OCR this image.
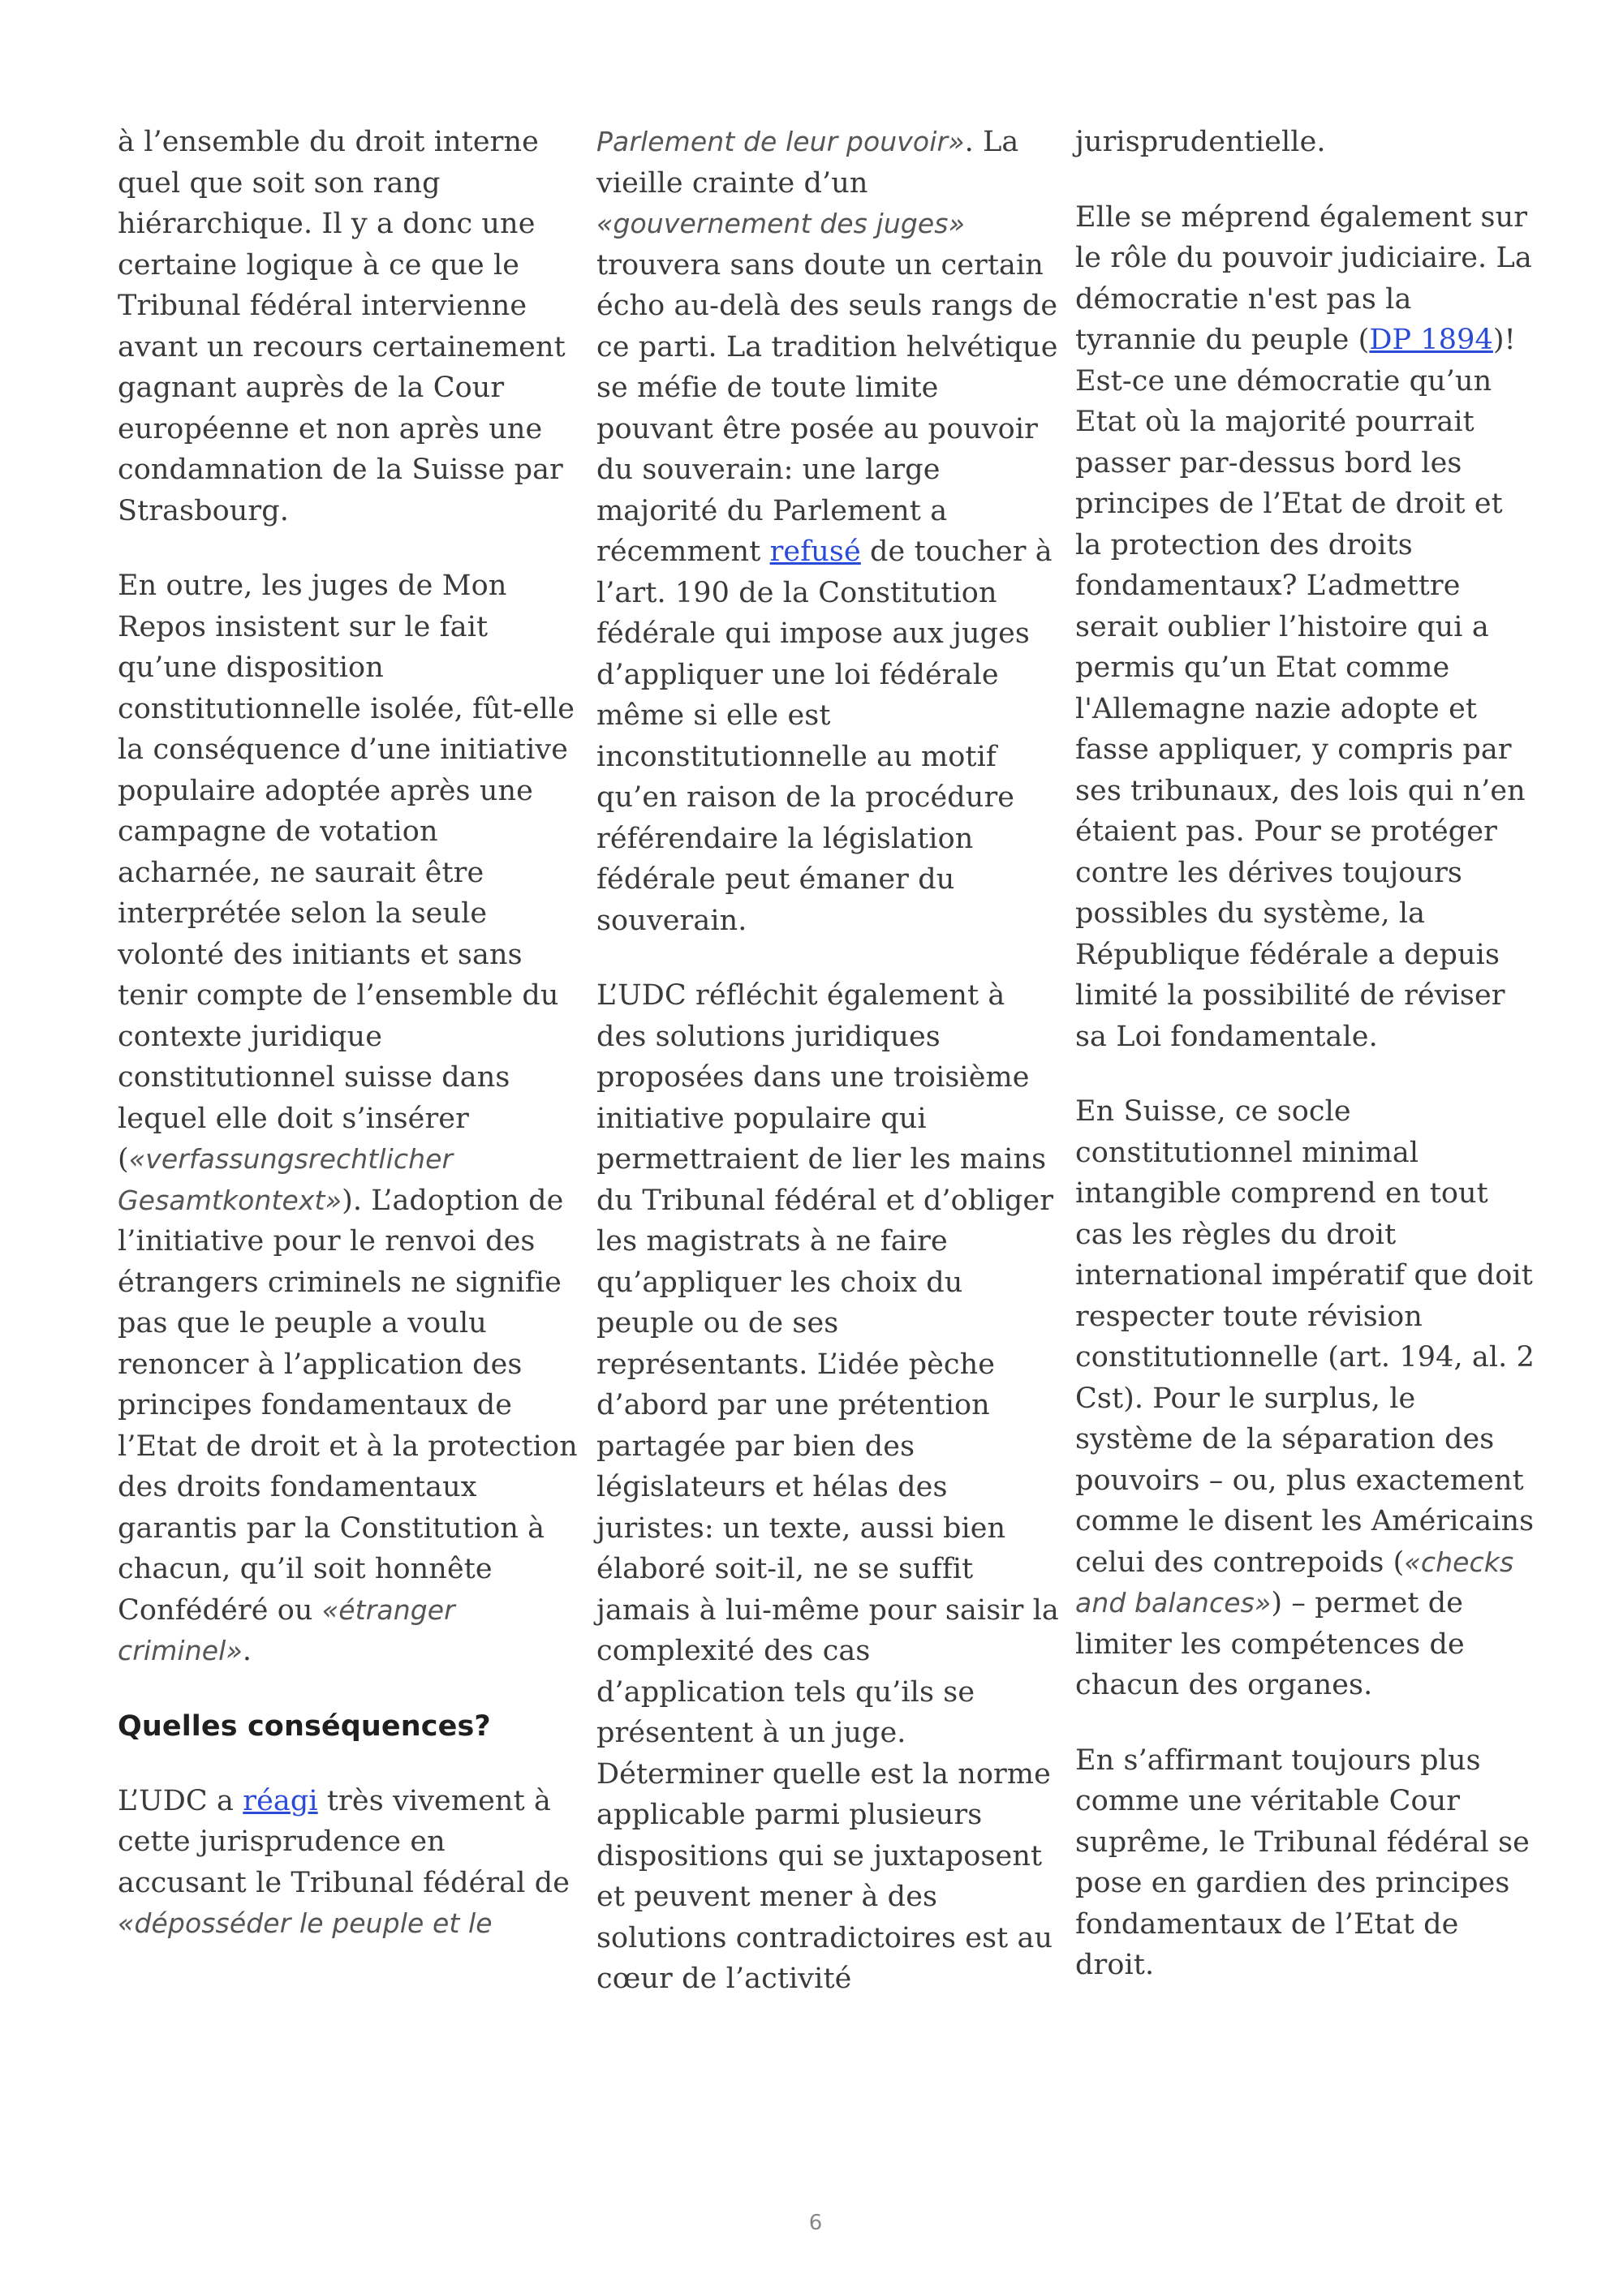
à l’ensemble du droit interne quel que soit son rang hiérarchique. Il y a donc une certaine logique à ce que le Tribunal fédéral intervienne avant un recours certainement gagnant auprès de la Cour européenne et non après une condamnation de la Suisse par Strasbourg.

En outre, les juges de Mon Repos insistent sur le fait qu’une disposition constitutionnelle isolée, fût-elle la conséquence d’une initiative populaire adoptée après une campagne de votation acharnée, ne saurait être interprétée selon la seule volonté des initiants et sans tenir compte de l’ensemble du contexte juridique constitutionnel suisse dans lequel elle doit s’insérer («verfassungsrechtlicher Gesamtkontext»). L’adoption de l’initiative pour le renvoi des étrangers criminels ne signifie pas que le peuple a voulu renoncer à l’application des principes fondamentaux de l’Etat de droit et à la protection des droits fondamentaux garantis par la Constitution à chacun, qu’il soit honnête Confédéré ou «étranger criminel».

Quelles conséquences?

L’UDC a réagi très vivement à cette jurisprudence en accusant le Tribunal fédéral de «déposséder le peuple et le

Parlement de leur pouvoir». La vieille crainte d’un «gouvernement des juges» trouvera sans doute un certain écho au-delà des seuls rangs de ce parti. La tradition helvétique se méfie de toute limite pouvant être posée au pouvoir du souverain: une large majorité du Parlement a récemment refusé de toucher à l’art. 190 de la Constitution fédérale qui impose aux juges d’appliquer une loi fédérale même si elle est inconstitutionnelle au motif qu’en raison de la procédure référendaire la législation fédérale peut émaner du souverain.

L’UDC réfléchit également à des solutions juridiques proposées dans une troisième initiative populaire qui permettraient de lier les mains du Tribunal fédéral et d’obliger les magistrats à ne faire qu’appliquer les choix du peuple ou de ses représentants. L’idée pèche d’abord par une prétention partagée par bien des législateurs et hélas des juristes: un texte, aussi bien élaboré soit-il, ne se suffit jamais à lui-même pour saisir la complexité des cas d’application tels qu’ils se présentent à un juge. Déterminer quelle est la norme applicable parmi plusieurs dispositions qui se juxtaposent et peuvent mener à des solutions contradictoires est au cœur de l’activité

jurisprudentielle.

Elle se méprend également sur le rôle du pouvoir judiciaire. La démocratie n'est pas la tyrannie du peuple (DP 1894)! Est-ce une démocratie qu’un Etat où la majorité pourrait passer par-dessus bord les principes de l’Etat de droit et la protection des droits fondamentaux? L’admettre serait oublier l’histoire qui a permis qu’un Etat comme l'Allemagne nazie adopte et fasse appliquer, y compris par ses tribunaux, des lois qui n’en étaient pas. Pour se protéger contre les dérives toujours possibles du système, la République fédérale a depuis limité la possibilité de réviser sa Loi fondamentale.

En Suisse, ce socle constitutionnel minimal intangible comprend en tout cas les règles du droit international impératif que doit respecter toute révision constitutionnelle (art. 194, al. 2 Cst). Pour le surplus, le système de la séparation des pouvoirs – ou, plus exactement comme le disent les Américains celui des contrepoids («checks and balances») – permet de limiter les compétences de chacun des organes.

En s’affirmant toujours plus comme une véritable Cour suprême, le Tribunal fédéral se pose en gardien des principes fondamentaux de l’Etat de droit.

6
